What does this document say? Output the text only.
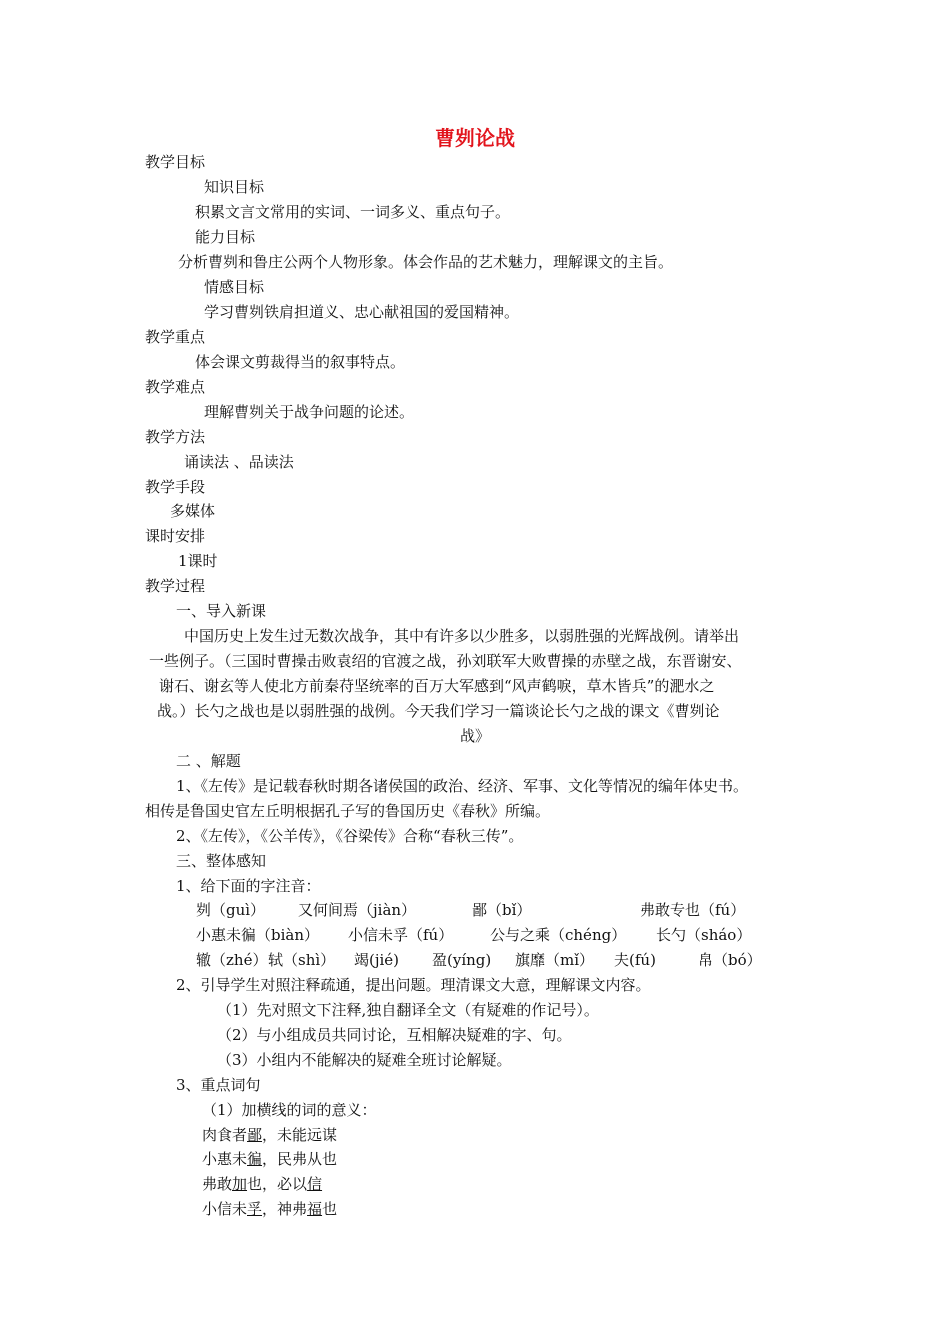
曹刿论战
教学目标
知识目标
积累文言文常用的实词、一词多义、重点句子。
能力目标
分析曹刿和鲁庄公两个人物形象。体会作品的艺术魅力，理解课文的主旨。
情感目标
学习曹刿铁肩担道义、忠心献祖国的爱国精神。
教学重点
体会课文剪裁得当的叙事特点。
教学难点
理解曹刿关于战争问题的论述。
教学方法
诵读法 、品读法
教学手段
多媒体
课时安排
1课时
教学过程
一、导入新课
中国历史上发生过无数次战争，其中有许多以少胜多，以弱胜强的光辉战例。请举出
一些例子。（三国时曹操击败袁绍的官渡之战，孙刘联军大败曹操的赤壁之战，东晋谢安、
谢石、谢玄等人使北方前秦苻坚统率的百万大军感到“风声鹤唳，草木皆兵”的淝水之
战。）长勺之战也是以弱胜强的战例。今天我们学习一篇谈论长勺之战的课文《曹刿论
战》
二 、解题
1、《左传》是记载春秋时期各诸侯国的政治、经济、军事、文化等情况的编年体史书。
相传是鲁国史官左丘明根据孔子写的鲁国历史《春秋》所编。
2、《左传》，《公羊传》，《谷梁传》合称“春秋三传”。
三、整体感知
1、给下面的字注音：
刿（guì） 又何间焉（jiàn）	鄙（bǐ）	弗敢专也（fú）
小惠未徧（biàn） 小信未孚（fú） 公与之乘（chéng） 长勺（sháo）
辙（zhé） 轼（shì） 竭(jié) 盈(yíng) 旗靡（mǐ） 夫(fú)	帛（bó）
2、引导学生对照注释疏通，提出问题。理清课文大意，理解课文内容。
（1）先对照文下注释,独自翻译全文（有疑难的作记号）。
（2）与小组成员共同讨论，互相解决疑难的字、句。
（3）小组内不能解决的疑难全班讨论解疑。
3、重点词句
（1）加横线的词的意义：
肉食者鄙，未能远谋
小惠未徧，民弗从也
弗敢加也，必以信
小信未孚，神弗福也
